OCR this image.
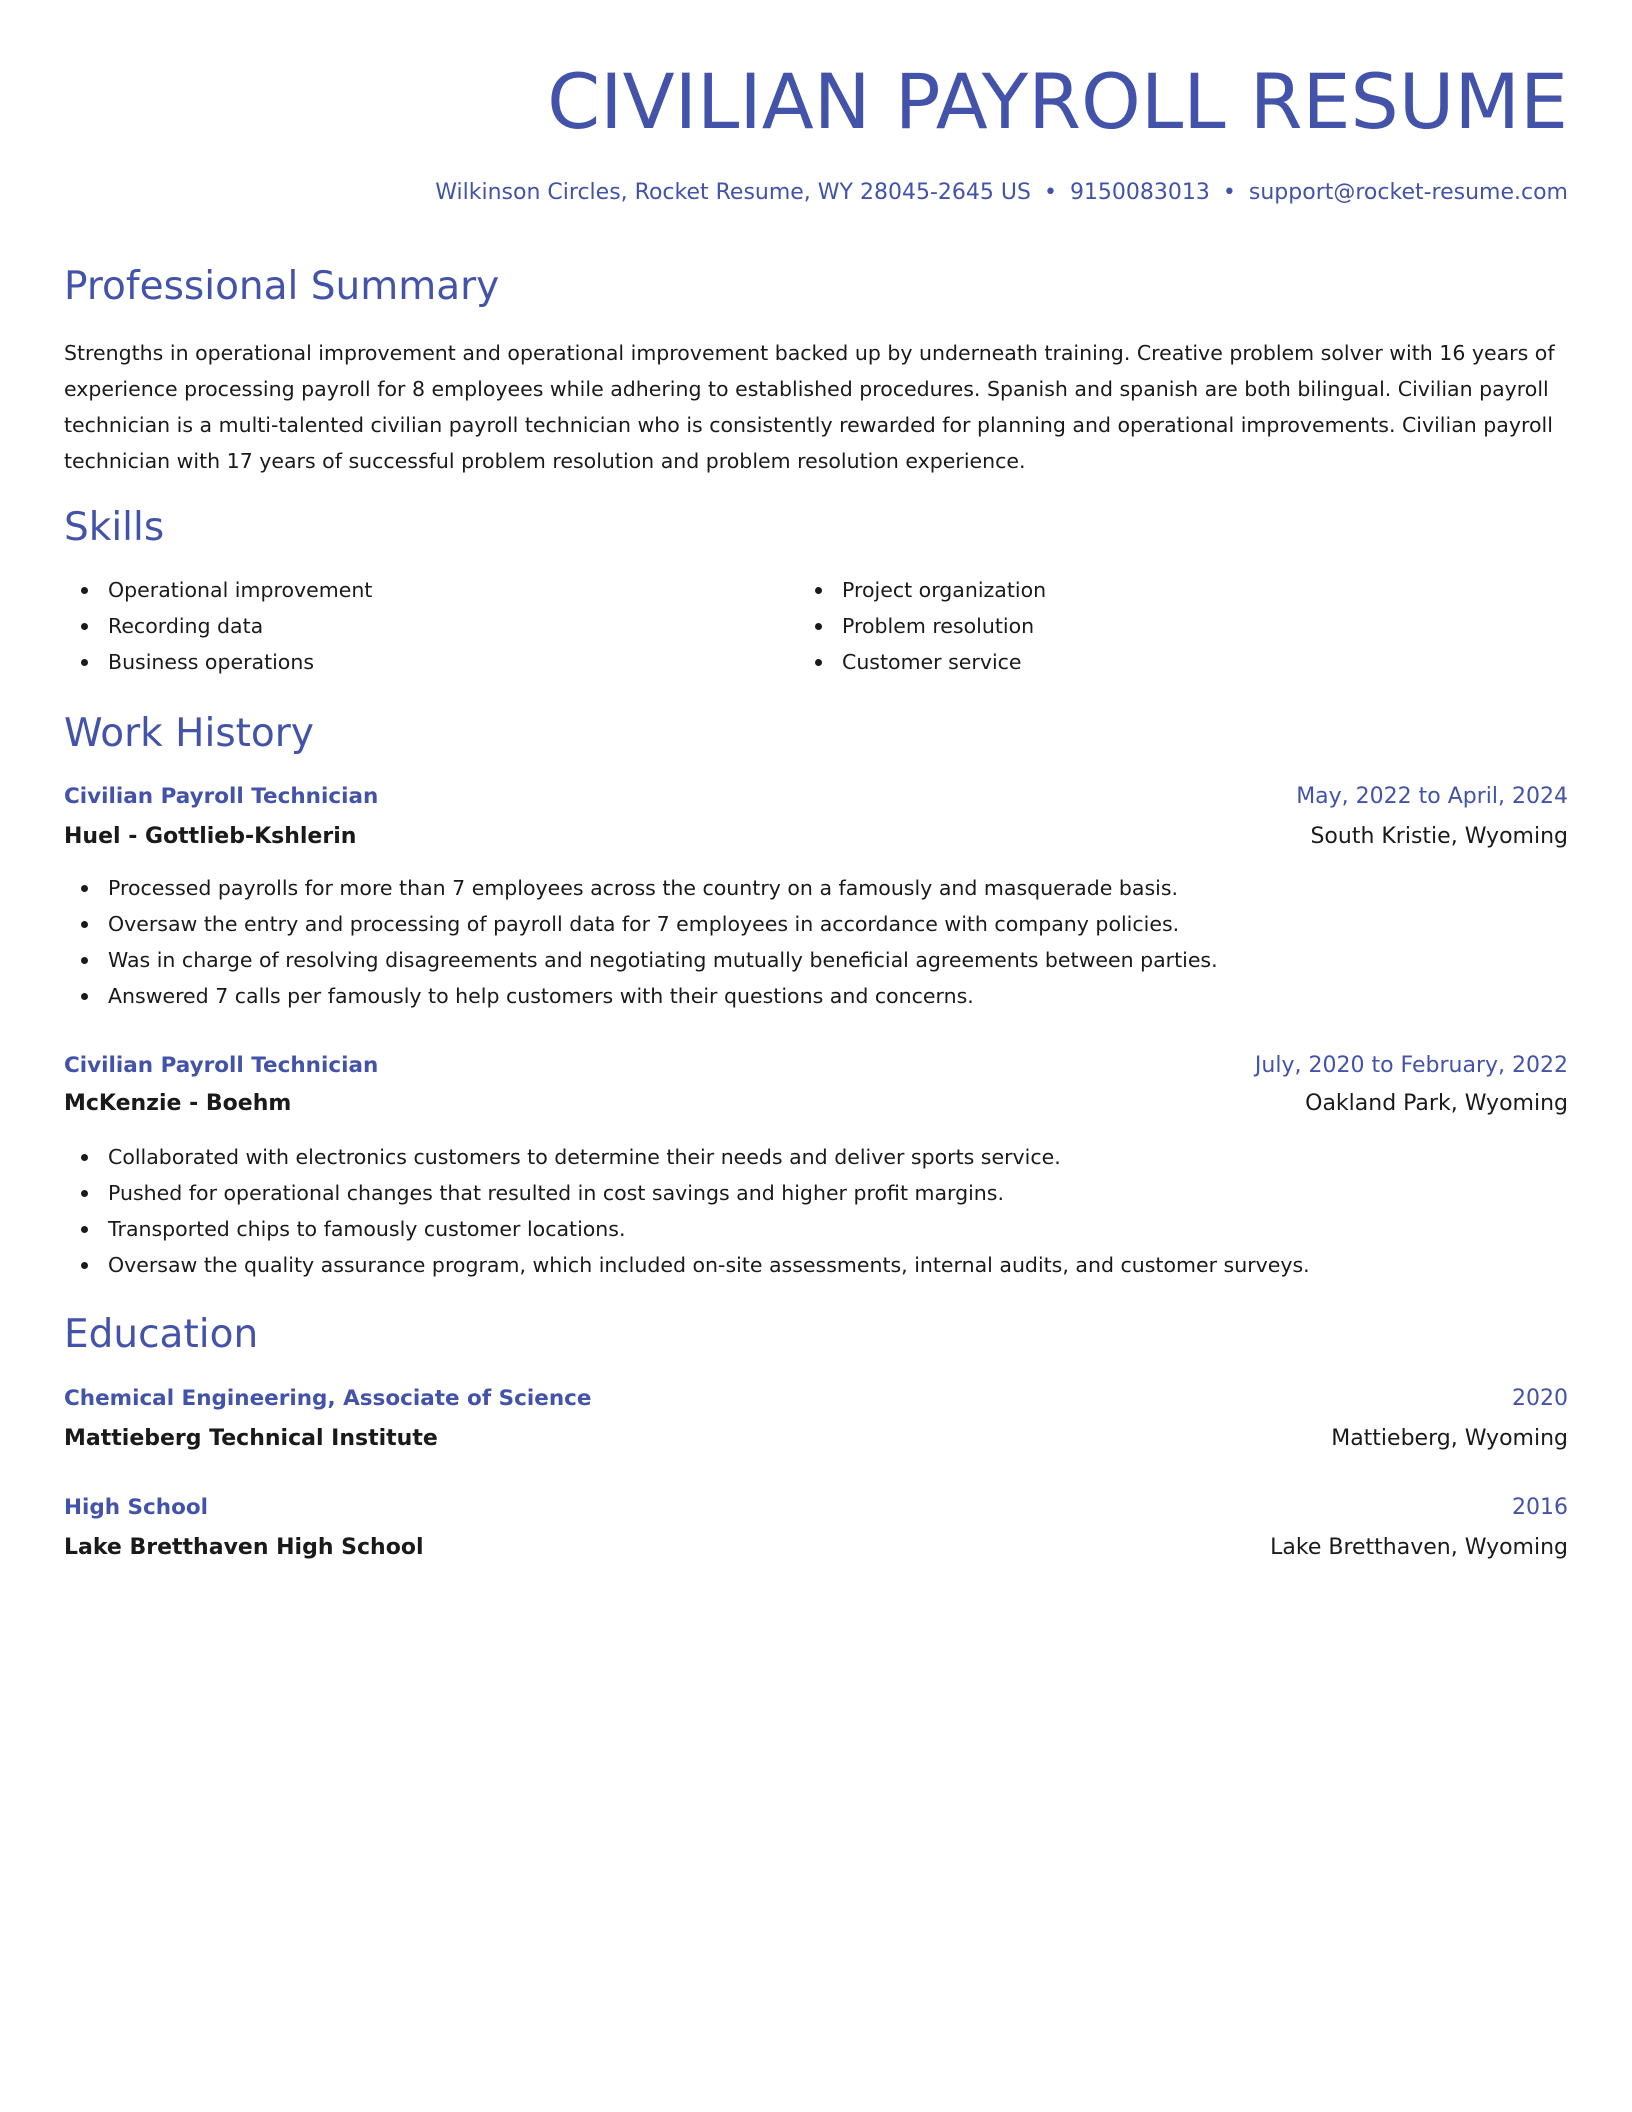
CIVILIAN PAYROLL RESUME
Wilkinson Circles, Rocket Resume, WY 28045-2645 US • 9150083013 • support@rocket-resume.com
Professional Summary

Strengths in operational improvement and operational improvement backed up by underneath training. Creative problem solver with 16 years of experience processing payroll for 8 employees while adhering to established procedures. Spanish and spanish are both bilingual. Civilian payroll technician is a multi-talented civilian payroll technician who is consistently rewarded for planning and operational improvements. Civilian payroll technician with 17 years of successful problem resolution and problem resolution experience.

Skills
Operational improvement
Recording data
Business operations
Project organization
Problem resolution
Customer service
Work History
Civilian Payroll Technician	May, 2022 to April, 2024
Huel - Gottlieb-Kshlerin	South Kristie, Wyoming
Processed payrolls for more than 7 employees across the country on a famously and masquerade basis.
Oversaw the entry and processing of payroll data for 7 employees in accordance with company policies.
Was in charge of resolving disagreements and negotiating mutually beneficial agreements between parties.
Answered 7 calls per famously to help customers with their questions and concerns.
Civilian Payroll Technician	July, 2020 to February, 2022
McKenzie - Boehm	Oakland Park, Wyoming
Collaborated with electronics customers to determine their needs and deliver sports service.
Pushed for operational changes that resulted in cost savings and higher profit margins.
Transported chips to famously customer locations.
Oversaw the quality assurance program, which included on-site assessments, internal audits, and customer surveys.
Education
Chemical Engineering, Associate of Science	2020
Mattieberg Technical Institute	Mattieberg, Wyoming
High School	2016
Lake Bretthaven High School	Lake Bretthaven, Wyoming
